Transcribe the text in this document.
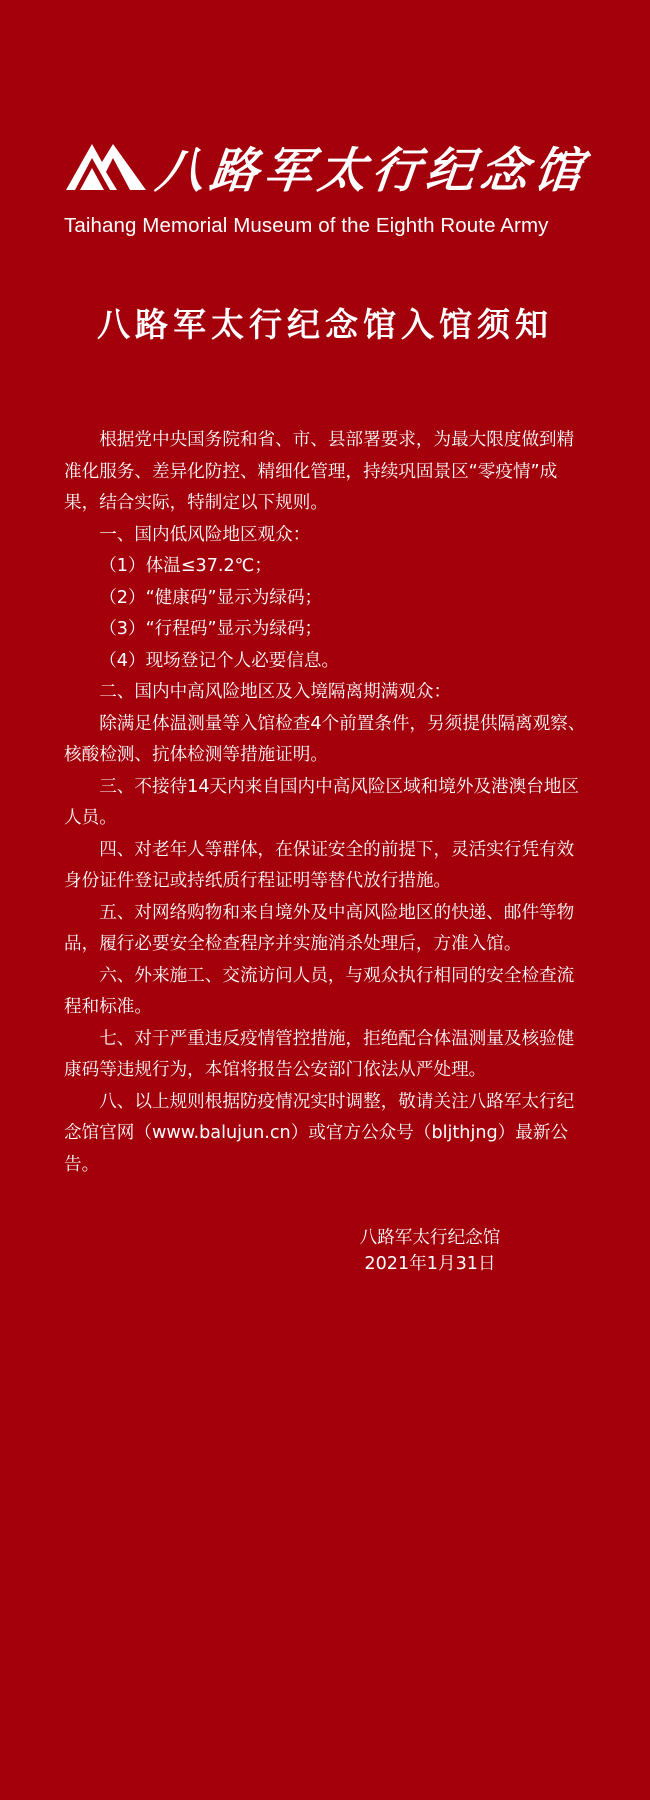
八路军太行纪念馆
Taihang Memorial Museum of the Eighth Route Army
八路军太行纪念馆入馆须知

根据党中央国务院和省、市、县部署要求，为最大限度做到精准化服务、差异化防控、精细化管理，持续巩固景区“零疫情”成果，结合实际，特制定以下规则。

一、国内低风险地区观众：

（1）体温≤37.2℃；

（2）“健康码”显示为绿码；

（3）“行程码”显示为绿码；

（4）现场登记个人必要信息。

二、国内中高风险地区及入境隔离期满观众：

除满足体温测量等入馆检查4个前置条件，另须提供隔离观察、核酸检测、抗体检测等措施证明。

三、不接待14天内来自国内中高风险区域和境外及港澳台地区人员。

四、对老年人等群体，在保证安全的前提下，灵活实行凭有效身份证件登记或持纸质行程证明等替代放行措施。

五、对网络购物和来自境外及中高风险地区的快递、邮件等物品，履行必要安全检查程序并实施消杀处理后，方准入馆。

六、外来施工、交流访问人员，与观众执行相同的安全检查流程和标准。

七、对于严重违反疫情管控措施，拒绝配合体温测量及核验健康码等违规行为，本馆将报告公安部门依法从严处理。

八、以上规则根据防疫情况实时调整，敬请关注八路军太行纪念馆官网（www.balujun.cn）或官方公众号（bljthjng）最新公告。

八路军太行纪念馆
2021年1月31日
